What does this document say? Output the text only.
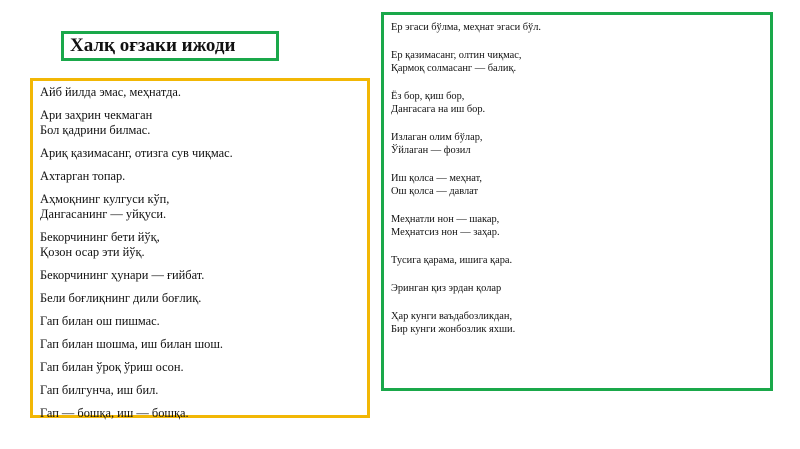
Халқ оғзаки ижоди
Айб йилда эмас, меҳнатда.
Ари заҳрин чекмаган
Бол қадрини билмас.
Ариқ қазимасанг, отизга сув чиқмас.
Ахтарган топар.
Аҳмоқнинг кулгуси кўп,
Дангасанинг — уйқуси.
Бекорчининг бети йўқ,
Қозон осар эти йўқ.
Бекорчининг ҳунари — ғийбат.
Бели боғлиқнинг дили боғлиқ.
Гап билан ош пишмас.
Гап билан шошма, иш билан шош.
Гап билан ўроқ ўриш осон.
Гап билгунча, иш бил.
Гап — бошқа, иш — бошқа.
Ер эгаси бўлма, меҳнат эгаси бўл.
Ер қазимасанг, олтин чиқмас,
Қармоқ солмасанг — балиқ.
Ёз бор, қиш бор,
Дангасага на иш бор.
Излаган олим бўлар,
Ўйлаган — фозил
Иш қолса — меҳнат,
Ош қолса — давлат
Меҳнатли нон — шакар,
Меҳнатсиз нон — заҳар.
Тусига қарама, ишига қара.
Эринган қиз эрдан қолар
Ҳар кунги ваъдабозликдан,
Бир кунги жонбозлик яхши.
